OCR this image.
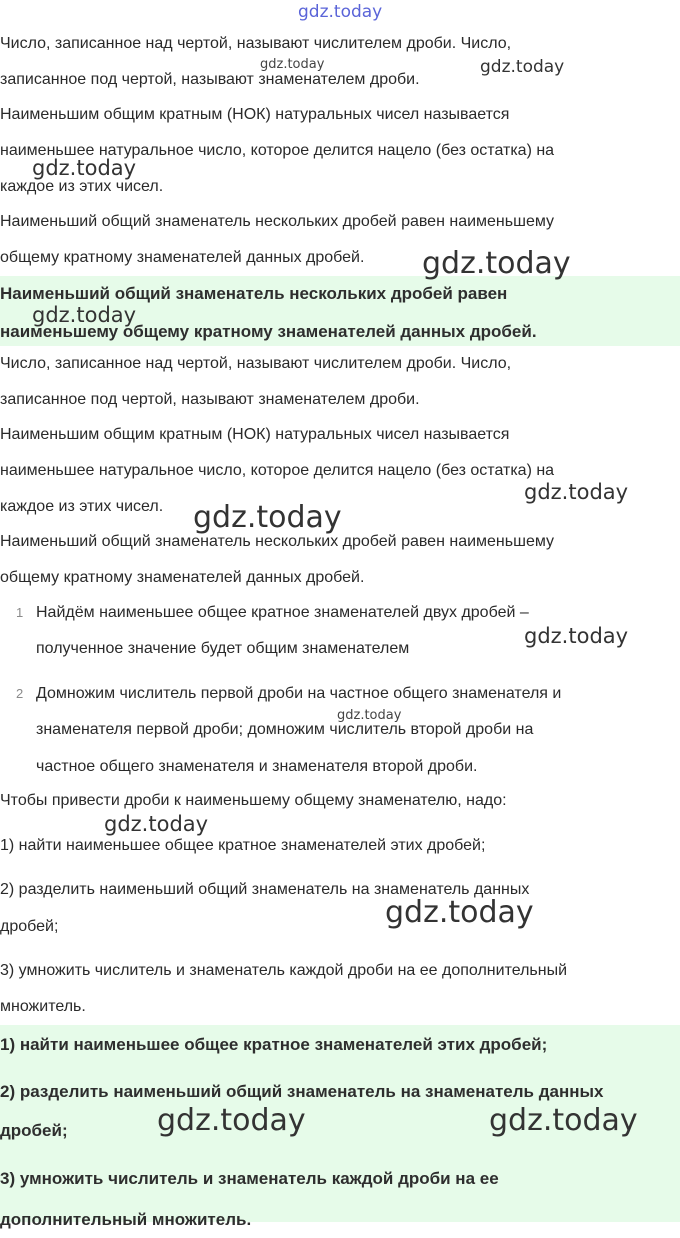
gdz.today
Число, записанное над чертой, называют числителем дроби. Число,
записанное под чертой, называют знаменателем дроби.
Наименьшим общим кратным (НОК) натуральных чисел называется
наименьшее натуральное число, которое делится нацело (без остатка) на
каждое из этих чисел.
Наименьший общий знаменатель нескольких дробей равен наименьшему
общему кратному знаменателей данных дробей.
Наименьший общий знаменатель нескольких дробей равен
наименьшему общему кратному знаменателей данных дробей.
Число, записанное над чертой, называют числителем дроби. Число,
записанное под чертой, называют знаменателем дроби.
Наименьшим общим кратным (НОК) натуральных чисел называется
наименьшее натуральное число, которое делится нацело (без остатка) на
каждое из этих чисел.
Наименьший общий знаменатель нескольких дробей равен наименьшему
общему кратному знаменателей данных дробей.
1 Найдём наименьшее общее кратное знаменателей двух дробей –
полученное значение будет общим знаменателем
2 Домножим числитель первой дроби на частное общего знаменателя и
знаменателя первой дроби; домножим числитель второй дроби на
частное общего знаменателя и знаменателя второй дроби.
Чтобы привести дроби к наименьшему общему знаменателю, надо:
1) найти наименьшее общее кратное знаменателей этих дробей;
2) разделить наименьший общий знаменатель на знаменатель данных
дробей;
3) умножить числитель и знаменатель каждой дроби на ее дополнительный
множитель.
1) найти наименьшее общее кратное знаменателей этих дробей;
2) разделить наименьший общий знаменатель на знаменатель данных
дробей;
3) умножить числитель и знаменатель каждой дроби на ее
дополнительный множитель.
gdz.today	gdz.today
gdz.today
gdz.today
gdz.today
gdz.today
gdz.today
gdz.today
gdz.today
gdz.today
gdz.today
gdz.today	gdz.today
